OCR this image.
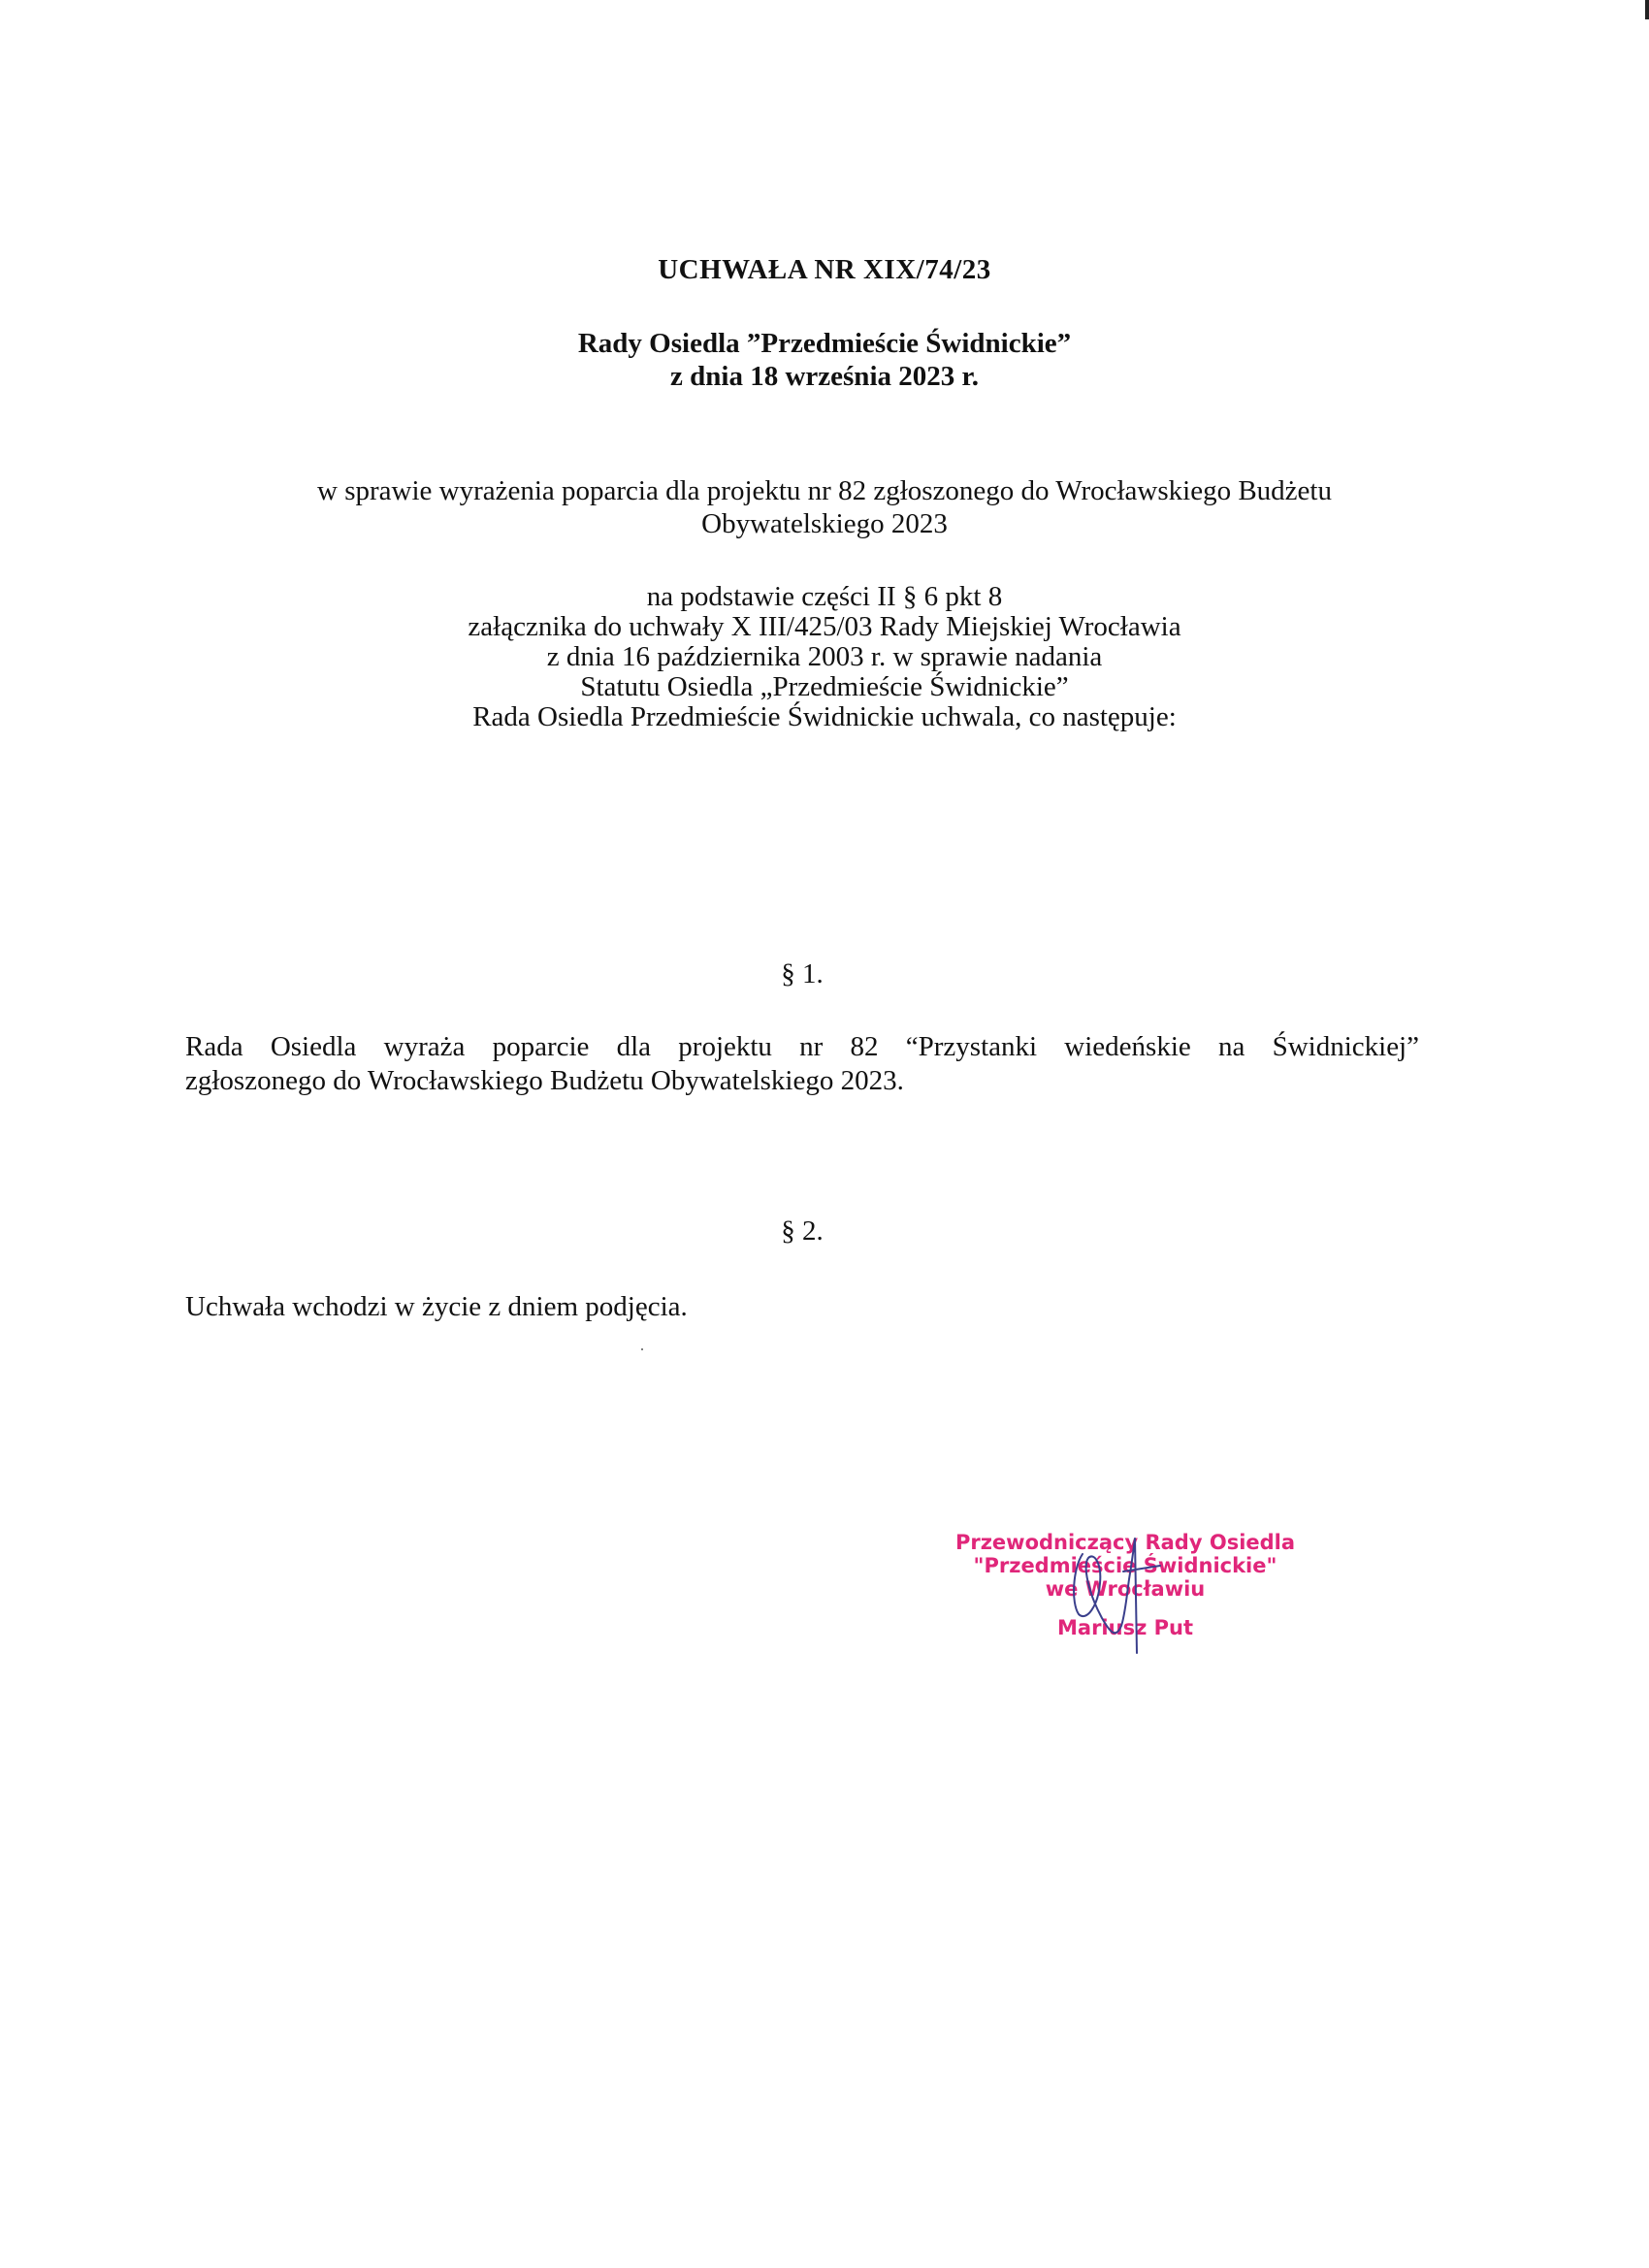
UCHWAŁA NR XIX/74/23
Rady Osiedla ”Przedmieście Świdnickie”
z dnia 18 września 2023 r.
w sprawie wyrażenia poparcia dla projektu nr 82 zgłoszonego do Wrocławskiego Budżetu
Obywatelskiego 2023
na podstawie części II § 6 pkt 8
załącznika do uchwały X III/425/03 Rady Miejskiej Wrocławia
z dnia 16 października 2003 r. w sprawie nadania
Statutu Osiedla „Przedmieście Świdnickie”
Rada Osiedla Przedmieście Świdnickie uchwala, co następuje:
§ 1.
Rada Osiedla wyraża poparcie dla projektu nr 82 “Przystanki wiedeńskie na Świdnickiej”
zgłoszonego do Wrocławskiego Budżetu Obywatelskiego 2023.
§ 2.
Uchwała wchodzi w życie z dniem podjęcia.
Przewodniczący Rady Osiedla
"Przedmieście Świdnickie"
we Wrocławiu
Mariusz Put
